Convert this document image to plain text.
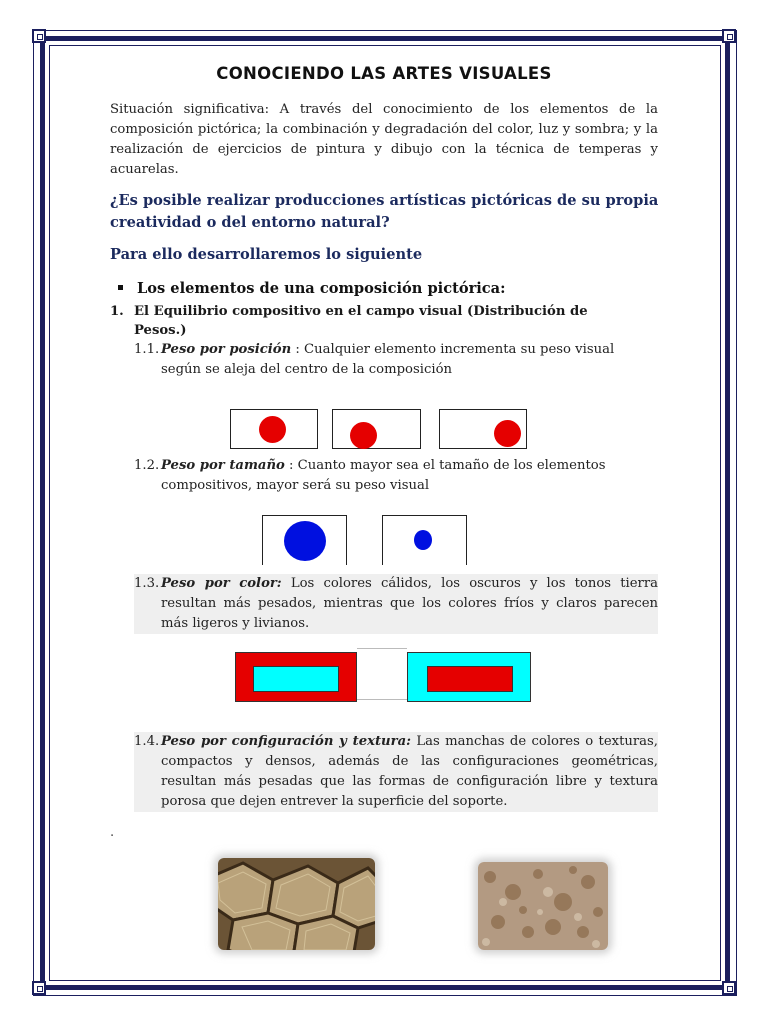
CONOCIENDO LAS ARTES VISUALES

Situación significativa: A través del conocimiento de los elementos de la composición pictórica; la combinación y degradación del color, luz y sombra; y la realización de ejercicios de pintura y dibujo con la técnica de temperas y acuarelas.

¿Es posible realizar producciones artísticas pictóricas de su propia creatividad o del entorno natural?

Para ello desarrollaremos lo siguiente

Los elementos de una composición pictórica:
1. El Equilibrio compositivo en el campo visual (Distribución de Pesos.)
1.1. Peso por posición : Cualquier elemento incrementa su peso visual según se aleja del centro de la composición
1.2. Peso por tamaño : Cuanto mayor sea el tamaño de los elementos compositivos, mayor será su peso visual
1.3. Peso por color: Los colores cálidos, los oscuros y los tonos tierra resultan más pesados, mientras que los colores fríos y claros parecen más ligeros y livianos.
1.4. Peso por configuración y textura: Las manchas de colores o texturas, compactos y densos, además de las configuraciones geométricas, resultan más pesadas que las formas de configuración libre y textura porosa que dejen entrever la superficie del soporte.
.
